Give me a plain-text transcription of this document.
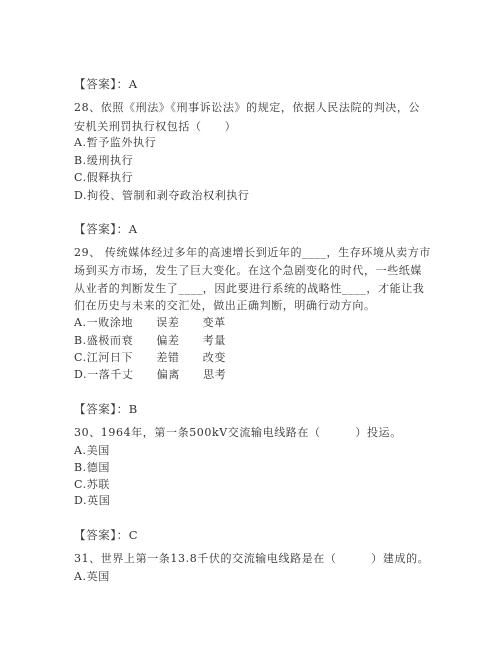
【答案】：A
28、依照《刑法》《刑事诉讼法》的规定，依据人民法院的判决，公
安机关刑罚执行权包括（　　）
A.暂予监外执行
B.缓刑执行
C.假释执行
D.拘役、管制和剥夺政治权利执行
【答案】：A
29、 传统媒体经过多年的高速增长到近年的____，生存环境从卖方市
场到买方市场，发生了巨大变化。在这个急剧变化的时代，一些纸媒
从业者的判断发生了____，因此要进行系统的战略性____，才能让我
们在历史与未来的交汇处，做出正确判断，明确行动方向。
A.一败涂地　　误差　　变革
B.盛极而衰　　偏差　　考量
C.江河日下　　差错　　改变
D.一落千丈　　偏离　　思考
【答案】：B
30、1964年，第一条500kV交流输电线路在（　　　）投运。
A.美国
B.德国
C.苏联
D.英国
【答案】：C
31、世界上第一条13.8千伏的交流输电线路是在（　　　）建成的。
A.英国
